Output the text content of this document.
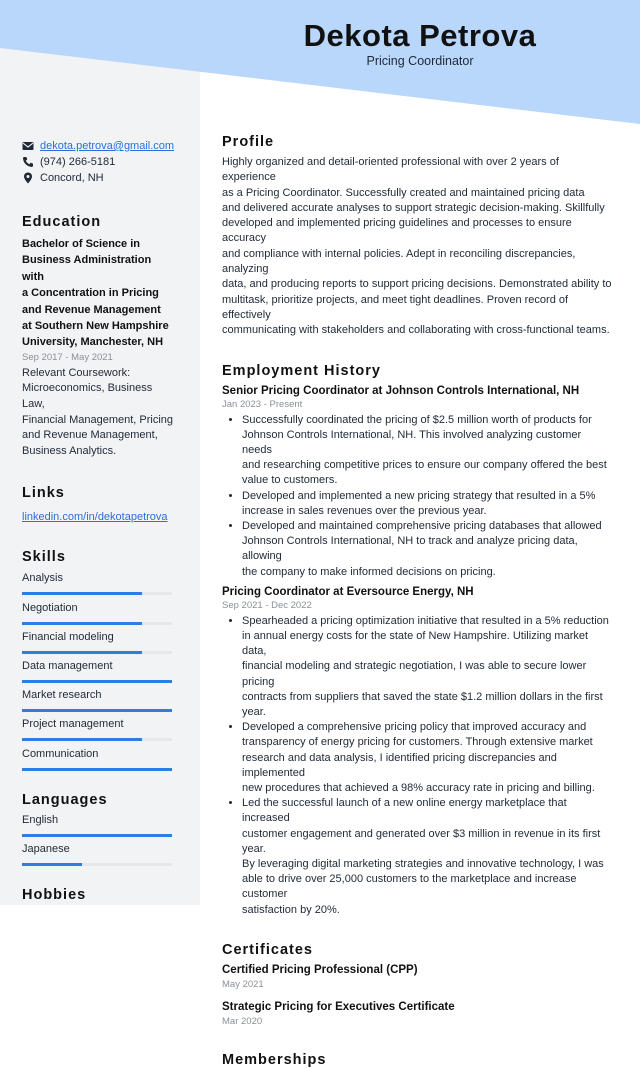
Dekota Petrova

Pricing Coordinator

dekota.petrova@gmail.com
(974) 266-5181
Concord, NH
Education

Bachelor of Science in

Business Administration with

a Concentration in Pricing

and Revenue Management

at Southern New Hampshire

University, Manchester, NH

Sep 2017 - May 2021

Relevant Coursework:

Microeconomics, Business Law,

Financial Management, Pricing

and Revenue Management,

Business Analytics.

Links
linkedin.com/in/dekotapetrova
Skills
Analysis
Negotiation
Financial modeling
Data management
Market research
Project management
Communication
Languages
English
Japanese
Hobbies
Profile

Highly organized and detail-oriented professional with over 2 years of experience

as a Pricing Coordinator. Successfully created and maintained pricing data

and delivered accurate analyses to support strategic decision-making. Skillfully

developed and implemented pricing guidelines and processes to ensure accuracy

and compliance with internal policies. Adept in reconciling discrepancies, analyzing

data, and producing reports to support pricing decisions. Demonstrated ability to

multitask, prioritize projects, and meet tight deadlines. Proven record of effectively

communicating with stakeholders and collaborating with cross-functional teams.

Employment History

Senior Pricing Coordinator at Johnson Controls International, NH

Jan 2023 - Present
• Successfully coordinated the pricing of $2.5 million worth of products for
Johnson Controls International, NH. This involved analyzing customer needs
and researching competitive prices to ensure our company offered the best
value to customers.
• Developed and implemented a new pricing strategy that resulted in a 5%
increase in sales revenues over the previous year.
• Developed and maintained comprehensive pricing databases that allowed
Johnson Controls International, NH to track and analyze pricing data, allowing
the company to make informed decisions on pricing.

Pricing Coordinator at Eversource Energy, NH

Sep 2021 - Dec 2022
• Spearheaded a pricing optimization initiative that resulted in a 5% reduction
in annual energy costs for the state of New Hampshire. Utilizing market data,
financial modeling and strategic negotiation, I was able to secure lower pricing
contracts from suppliers that saved the state $1.2 million dollars in the first
year.
• Developed a comprehensive pricing policy that improved accuracy and
transparency of energy pricing for customers. Through extensive market
research and data analysis, I identified pricing discrepancies and implemented
new procedures that achieved a 98% accuracy rate in pricing and billing.
• Led the successful launch of a new online energy marketplace that increased
customer engagement and generated over $3 million in revenue in its first year.
By leveraging digital marketing strategies and innovative technology, I was
able to drive over 25,000 customers to the marketplace and increase customer
satisfaction by 20%.
Certificates

Certified Pricing Professional (CPP)

May 2021

Strategic Pricing for Executives Certificate

Mar 2020
Memberships
